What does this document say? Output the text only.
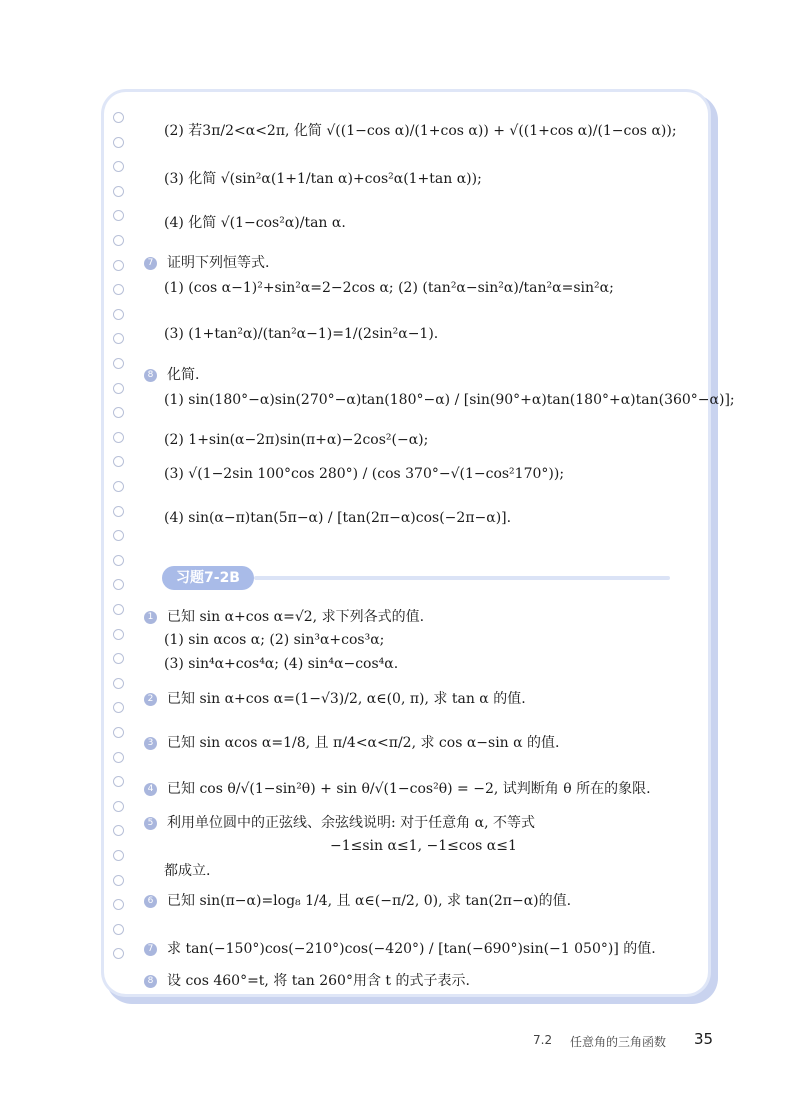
(2) 若3π/2<α<2π, 化简 √((1−cos α)/(1+cos α)) + √((1+cos α)/(1−cos α));
(3) 化简 √(sin²α(1+1/tan α)+cos²α(1+tan α));
(4) 化简 √(1−cos²α)/tan α.
7 证明下列恒等式.
(1) (cos α−1)²+sin²α=2−2cos α; (2) (tan²α−sin²α)/tan²α=sin²α;
(3) (1+tan²α)/(tan²α−1)=1/(2sin²α−1).
8 化简.
(1) sin(180°−α)sin(270°−α)tan(180°−α) / [sin(90°+α)tan(180°+α)tan(360°−α)];
(2) 1+sin(α−2π)sin(π+α)−2cos²(−α);
(3) √(1−2sin 100°cos 280°) / (cos 370°−√(1−cos²170°));
(4) sin(α−π)tan(5π−α) / [tan(2π−α)cos(−2π−α)].
1 已知 sin α+cos α=√2, 求下列各式的值.
(1) sin αcos α; (2) sin³α+cos³α;
(3) sin⁴α+cos⁴α; (4) sin⁴α−cos⁴α.
2 已知 sin α+cos α=(1−√3)/2, α∈(0, π), 求 tan α 的值.
3 已知 sin αcos α=1/8, 且 π/4<α<π/2, 求 cos α−sin α 的值.
4 已知 cos θ/√(1−sin²θ) + sin θ/√(1−cos²θ) = −2, 试判断角 θ 所在的象限.
5 利用单位圆中的正弦线、余弦线说明: 对于任意角 α, 不等式
−1≤sin α≤1, −1≤cos α≤1
都成立.
6 已知 sin(π−α)=log₈ 1/4, 且 α∈(−π/2, 0), 求 tan(2π−α)的值.
7 求 tan(−150°)cos(−210°)cos(−420°) / [tan(−690°)sin(−1 050°)] 的值.
8 设 cos 460°=t, 将 tan 260°用含 t 的式子表示.
习题7-2B
7.2 任意角的三角函数 35
